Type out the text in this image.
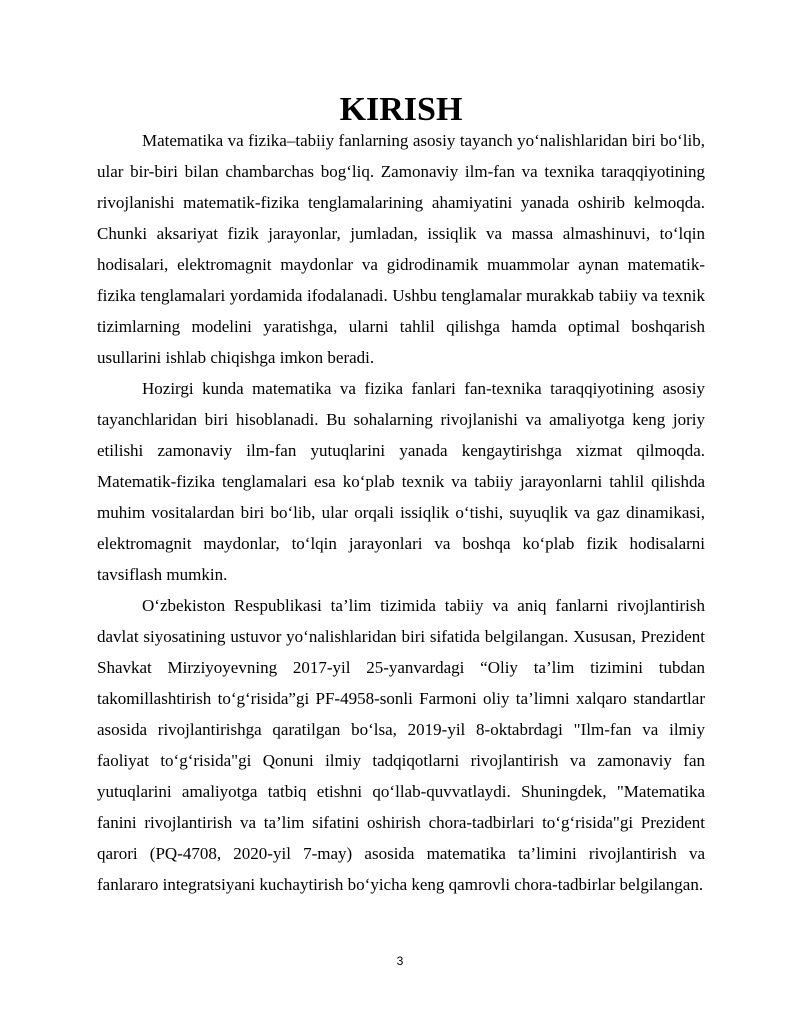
KIRISH

Matematika va fizika–tabiiy fanlarning asosiy tayanch yo‘nalishlaridan biri bo‘lib, ular bir-biri bilan chambarchas bog‘liq. Zamonaviy ilm-fan va texnika taraqqiyotining rivojlanishi matematik-fizika tenglamalarining ahamiyatini yanada oshirib kelmoqda. Chunki aksariyat fizik jarayonlar, jumladan, issiqlik va massa almashinuvi, to‘lqin hodisalari, elektromagnit maydonlar va gidrodinamik muammolar aynan matematik-fizika tenglamalari yordamida ifodalanadi. Ushbu tenglamalar murakkab tabiiy va texnik tizimlarning modelini yaratishga, ularni tahlil qilishga hamda optimal boshqarish usullarini ishlab chiqishga imkon beradi.

Hozirgi kunda matematika va fizika fanlari fan-texnika taraqqiyotining asosiy tayanchlaridan biri hisoblanadi. Bu sohalarning rivojlanishi va amaliyotga keng joriy etilishi zamonaviy ilm-fan yutuqlarini yanada kengaytirishga xizmat qilmoqda. Matematik-fizika tenglamalari esa ko‘plab texnik va tabiiy jarayonlarni tahlil qilishda muhim vositalardan biri bo‘lib, ular orqali issiqlik o‘tishi, suyuqlik va gaz dinamikasi, elektromagnit maydonlar, to‘lqin jarayonlari va boshqa ko‘plab fizik hodisalarni tavsiflash mumkin.

O‘zbekiston Respublikasi ta’lim tizimida tabiiy va aniq fanlarni rivojlantirish davlat siyosatining ustuvor yo‘nalishlaridan biri sifatida belgilangan. Xususan, Prezident Shavkat Mirziyoyevning 2017-yil 25-yanvardagi “Oliy ta’lim tizimini tubdan takomillashtirish to‘g‘risida”gi PF-4958-sonli Farmoni oliy ta’limni xalqaro standartlar asosida rivojlantirishga qaratilgan bo‘lsa, 2019-yil 8-oktabrdagi "Ilm-fan va ilmiy faoliyat to‘g‘risida"gi Qonuni ilmiy tadqiqotlarni rivojlantirish va zamonaviy fan yutuqlarini amaliyotga tatbiq etishni qo‘llab-quvvatlaydi. Shuningdek, "Matematika fanini rivojlantirish va ta’lim sifatini oshirish chora-tadbirlari to‘g‘risida"gi Prezident qarori (PQ-4708, 2020-yil 7-may) asosida matematika ta’limini rivojlantirish va fanlararo integratsiyani kuchaytirish bo‘yicha keng qamrovli chora-tadbirlar belgilangan.

3
